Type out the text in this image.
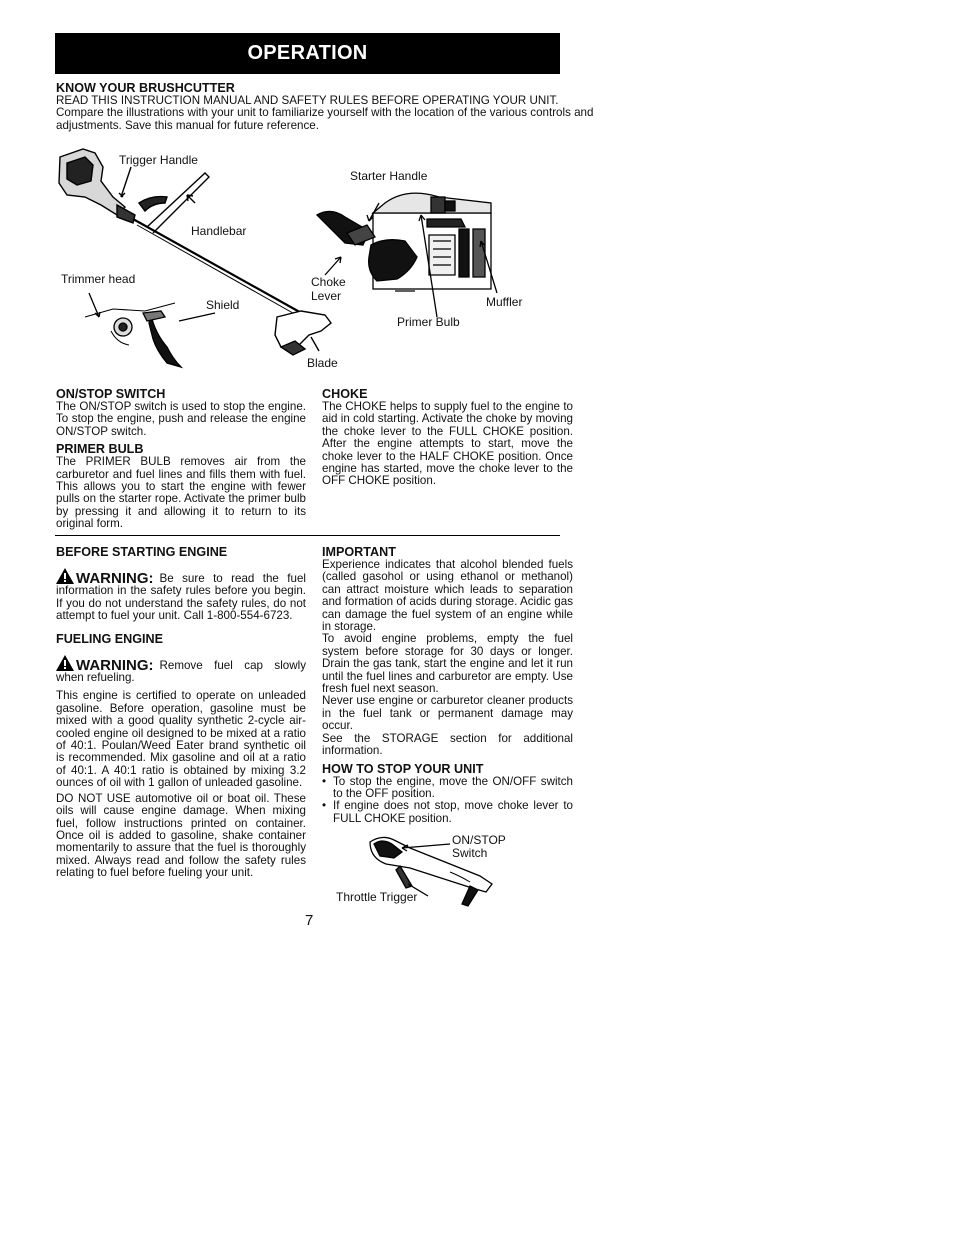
OPERATION
KNOW YOUR BRUSHCUTTER
READ THIS INSTRUCTION MANUAL AND SAFETY RULES BEFORE OPERATING YOUR UNIT.
Compare the illustrations with your unit to familiarize yourself with the location of the various controls and adjustments. Save this manual for future reference.
Trigger Handle
Handlebar
Trimmer head
Shield
Blade
Starter Handle
Choke
Lever
Primer Bulb
Muffler
ON/STOP SWITCH
The ON/STOP switch is used to stop the engine. To stop the engine, push and release the engine ON/STOP switch.
PRIMER BULB
The PRIMER BULB removes air from the carburetor and fuel lines and fills them with fuel. This allows you to start the engine with fewer pulls on the starter rope. Activate the primer bulb by pressing it and allowing it to return to its original form.
CHOKE
The CHOKE helps to supply fuel to the engine to aid in cold starting. Activate the choke by moving the choke lever to the FULL CHOKE position. After the engine attempts to start, move the choke lever to the HALF CHOKE position. Once engine has started, move the choke lever to the OFF CHOKE position.
BEFORE STARTING ENGINE
WARNING: Be sure to read the fuel information in the safety rules before you begin. If you do not understand the safety rules, do not attempt to fuel your unit. Call 1-800-554-6723.
FUELING ENGINE
WARNING: Remove fuel cap slowly when refueling.
This engine is certified to operate on unleaded gasoline. Before operation, gasoline must be mixed with a good quality synthetic 2-cycle air-cooled engine oil designed to be mixed at a ratio of 40:1. Poulan/Weed Eater brand synthetic oil is recommended. Mix gasoline and oil at a ratio of 40:1. A 40:1 ratio is obtained by mixing 3.2 ounces of oil with 1 gallon of unleaded gasoline.
DO NOT USE automotive oil or boat oil. These oils will cause engine damage. When mixing fuel, follow instructions printed on container. Once oil is added to gasoline, shake container momentarily to assure that the fuel is thoroughly mixed. Always read and follow the safety rules relating to fuel before fueling your unit.
IMPORTANT
Experience indicates that alcohol blended fuels (called gasohol or using ethanol or methanol) can attract moisture which leads to separation and formation of acids during storage. Acidic gas can damage the fuel system of an engine while in storage.
To avoid engine problems, empty the fuel system before storage for 30 days or longer. Drain the gas tank, start the engine and let it run until the fuel lines and carburetor are empty. Use fresh fuel next season.
Never use engine or carburetor cleaner products in the fuel tank or permanent damage may occur.
See the STORAGE section for additional information.
HOW TO STOP YOUR UNIT
• To stop the engine, move the ON/OFF switch to the OFF position.
• If engine does not stop, move choke lever to FULL CHOKE position.
ON/STOP
Switch
Throttle Trigger
7
